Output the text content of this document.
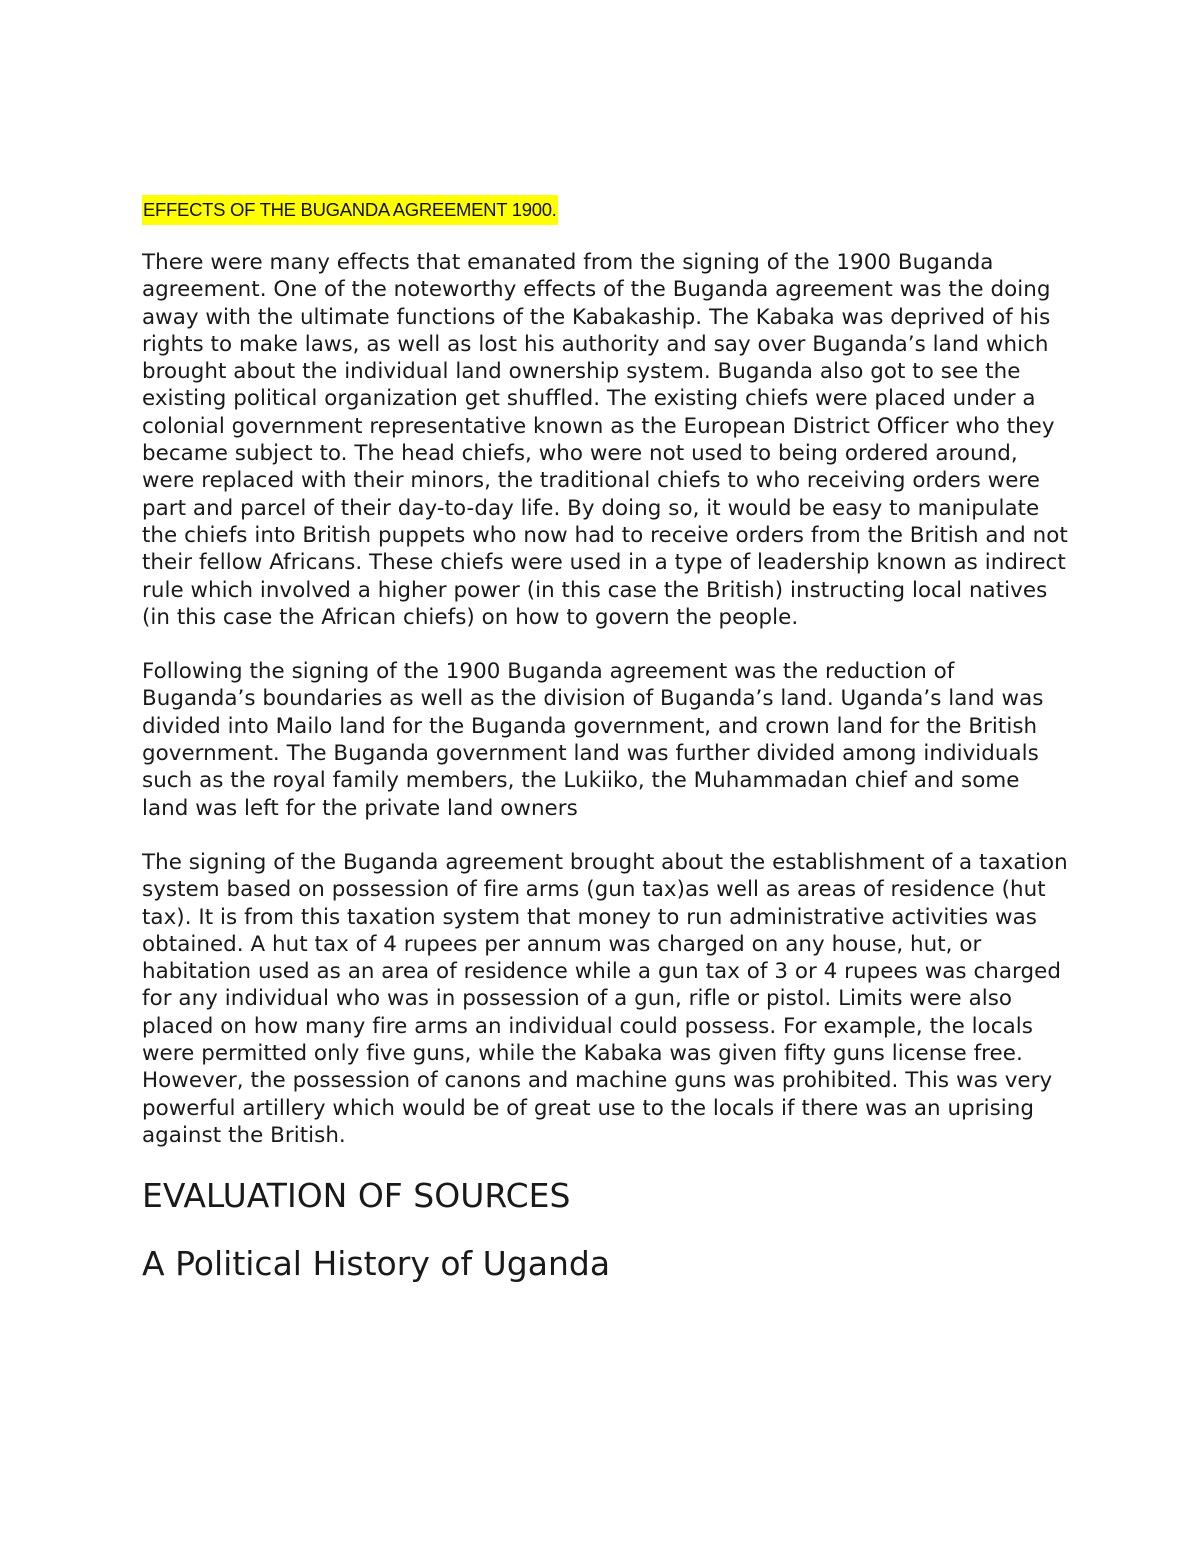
EFFECTS OF THE BUGANDA AGREEMENT 1900.

There were many effects that emanated from the signing of the 1900 Buganda agreement. One of the noteworthy effects of the Buganda agreement was the doing away with the ultimate functions of the Kabakaship. The Kabaka was deprived of his rights to make laws, as well as lost his authority and say over Buganda’s land which brought about the individual land ownership system. Buganda also got to see the existing political organization get shuffled. The existing chiefs were placed under a colonial government representative known as the European District Officer who they became subject to. The head chiefs, who were not used to being ordered around, were replaced with their minors, the traditional chiefs to who receiving orders were part and parcel of their day-to-day life. By doing so, it would be easy to manipulate the chiefs into British puppets who now had to receive orders from the British and not their fellow Africans. These chiefs were used in a type of leadership known as indirect rule which involved a higher power (in this case the British) instructing local natives (in this case the African chiefs) on how to govern the people.

Following the signing of the 1900 Buganda agreement was the reduction of Buganda’s boundaries as well as the division of Buganda’s land. Uganda’s land was divided into Mailo land for the Buganda government, and crown land for the British government. The Buganda government land was further divided among individuals such as the royal family members, the Lukiiko, the Muhammadan chief and some land was left for the private land owners

The signing of the Buganda agreement brought about the establishment of a taxation system based on possession of fire arms (gun tax)as well as areas of residence (hut tax). It is from this taxation system that money to run administrative activities was obtained. A hut tax of 4 rupees per annum was charged on any house, hut, or habitation used as an area of residence while a gun tax of 3 or 4 rupees was charged for any individual who was in possession of a gun, rifle or pistol. Limits were also placed on how many fire arms an individual could possess. For example, the locals were permitted only five guns, while the Kabaka was given fifty guns license free. However, the possession of canons and machine guns was prohibited. This was very powerful artillery which would be of great use to the locals if there was an uprising against the British.

EVALUATION OF SOURCES
A Political History of Uganda
